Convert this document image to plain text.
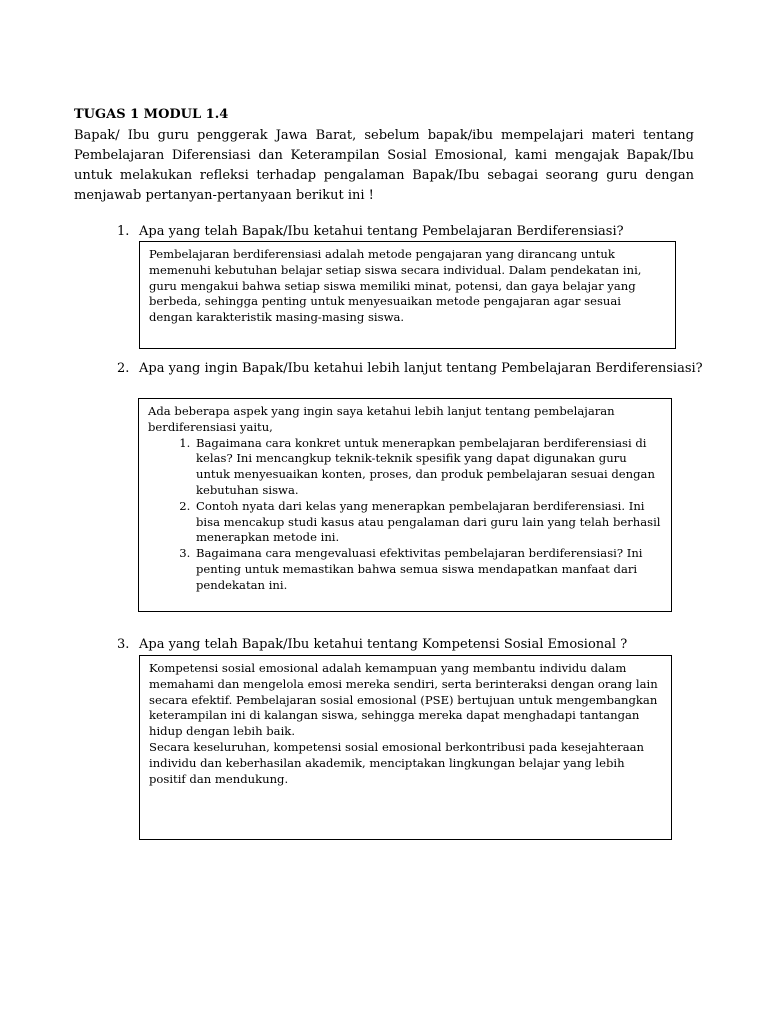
TUGAS 1 MODUL 1.4

Bapak/ Ibu guru penggerak Jawa Barat, sebelum bapak/ibu mempelajari materi tentang Pembelajaran Diferensiasi dan Keterampilan Sosial Emosional, kami mengajak Bapak/Ibu untuk melakukan refleksi terhadap pengalaman Bapak/Ibu sebagai seorang guru dengan menjawab pertanyan-pertanyaan berikut ini !

1. Apa yang telah Bapak/Ibu ketahui tentang Pembelajaran Berdiferensiasi?

Pembelajaran berdiferensiasi adalah metode pengajaran yang dirancang untuk memenuhi kebutuhan belajar setiap siswa secara individual. Dalam pendekatan ini, guru mengakui bahwa setiap siswa memiliki minat, potensi, dan gaya belajar yang berbeda, sehingga penting untuk menyesuaikan metode pengajaran agar sesuai dengan karakteristik masing-masing siswa.

2. Apa yang ingin Bapak/Ibu ketahui lebih lanjut tentang Pembelajaran Berdiferensiasi?

Ada beberapa aspek yang ingin saya ketahui lebih lanjut tentang pembelajaran berdiferensiasi yaitu,

1. Bagaimana cara konkret untuk menerapkan pembelajaran berdiferensiasi di kelas? Ini mencangkup teknik-teknik spesifik yang dapat digunakan guru untuk menyesuaikan konten, proses, dan produk pembelajaran sesuai dengan kebutuhan siswa.
2. Contoh nyata dari kelas yang menerapkan pembelajaran berdiferensiasi. Ini bisa mencakup studi kasus atau pengalaman dari guru lain yang telah berhasil menerapkan metode ini.
3. Bagaimana cara mengevaluasi efektivitas pembelajaran berdiferensiasi? Ini penting untuk memastikan bahwa semua siswa mendapatkan manfaat dari pendekatan ini.

3. Apa yang telah Bapak/Ibu ketahui tentang Kompetensi Sosial Emosional ?

Kompetensi sosial emosional adalah kemampuan yang membantu individu dalam memahami dan mengelola emosi mereka sendiri, serta berinteraksi dengan orang lain secara efektif. Pembelajaran sosial emosional (PSE) bertujuan untuk mengembangkan keterampilan ini di kalangan siswa, sehingga mereka dapat menghadapi tantangan hidup dengan lebih baik.

Secara keseluruhan, kompetensi sosial emosional berkontribusi pada kesejahteraan individu dan keberhasilan akademik, menciptakan lingkungan belajar yang lebih positif dan mendukung.
